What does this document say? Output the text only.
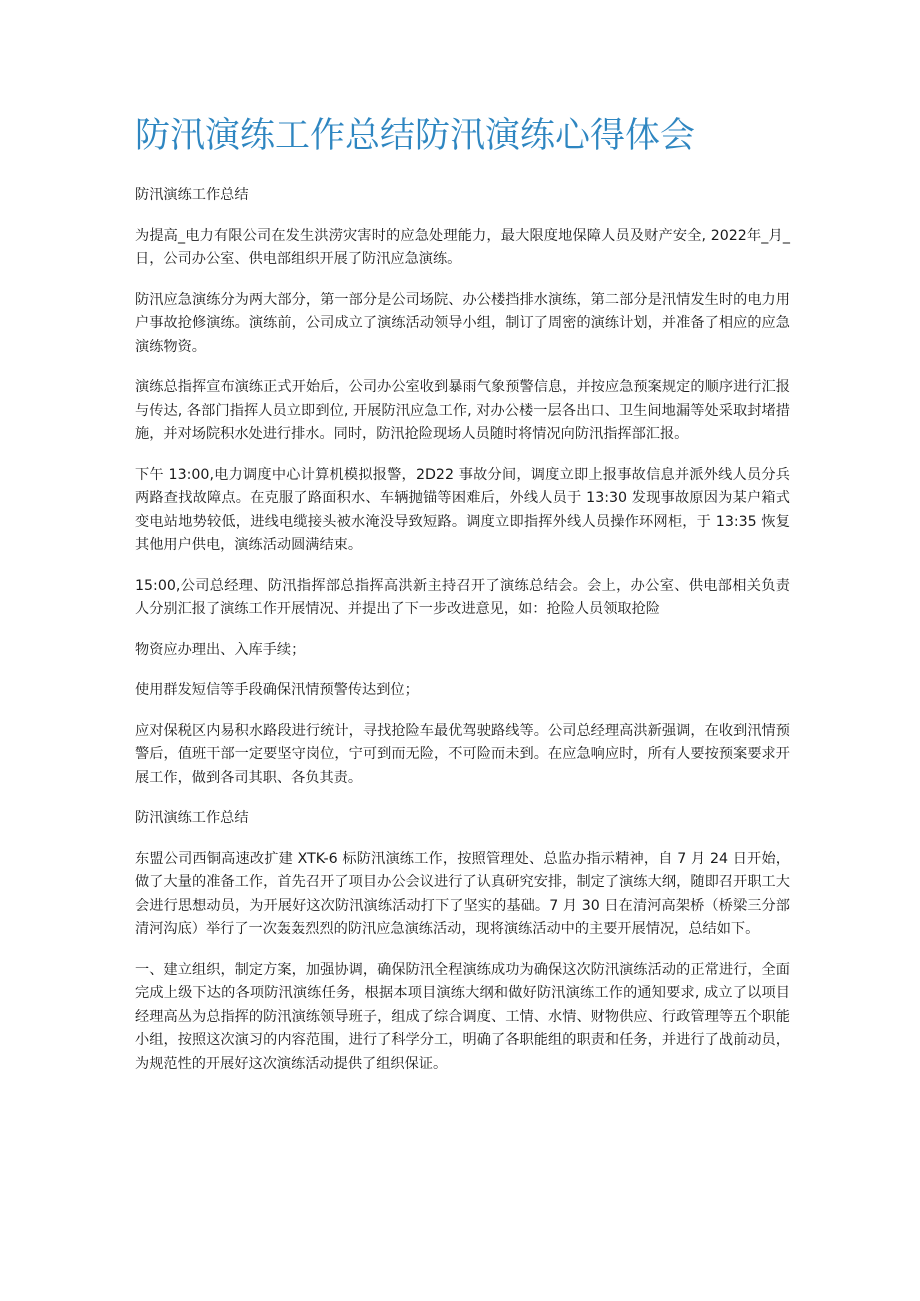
防汛演练工作总结防汛演练心得体会

防汛演练工作总结

为提高_电力有限公司在发生洪涝灾害时的应急处理能力，最大限度地保障人员及财产安全, 2022年_月_日，公司办公室、供电部组织开展了防汛应急演练。

防汛应急演练分为两大部分，第一部分是公司场院、办公楼挡排水演练，第二部分是汛情发生时的电力用户事故抢修演练。演练前，公司成立了演练活动领导小组，制订了周密的演练计划，并准备了相应的应急演练物资。

演练总指挥宣布演练正式开始后，公司办公室收到暴雨气象预警信息，并按应急预案规定的顺序进行汇报与传达, 各部门指挥人员立即到位, 开展防汛应急工作, 对办公楼一层各出口、卫生间地漏等处采取封堵措施，并对场院积水处进行排水。同时，防汛抢险现场人员随时将情况向防汛指挥部汇报。

下午 13:00,电力调度中心计算机模拟报警，2D22 事故分间，调度立即上报事故信息并派外线人员分兵两路查找故障点。在克服了路面积水、车辆抛锚等困难后，外线人员于 13:30 发现事故原因为某户箱式变电站地势较低，进线电缆接头被水淹没导致短路。调度立即指挥外线人员操作环网柜，于 13:35 恢复其他用户供电，演练活动圆满结束。

15:00,公司总经理、防汛指挥部总指挥高洪新主持召开了演练总结会。会上，办公室、供电部相关负责人分别汇报了演练工作开展情况、并提出了下一步改进意见，如：抢险人员领取抢险

物资应办理出、入库手续；

使用群发短信等手段确保汛情预警传达到位；

应对保税区内易积水路段进行统计，寻找抢险车最优驾驶路线等。公司总经理高洪新强调，在收到汛情预警后，值班干部一定要坚守岗位，宁可到而无险，不可险而未到。在应急响应时，所有人要按预案要求开展工作，做到各司其职、各负其责。

防汛演练工作总结

东盟公司西铜高速改扩建 XTK-6 标防汛演练工作，按照管理处、总监办指示精神，自 7 月 24 日开始，做了大量的准备工作，首先召开了项目办公会议进行了认真研究安排，制定了演练大纲，随即召开职工大会进行思想动员，为开展好这次防汛演练活动打下了坚实的基础。7 月 30 日在清河高架桥（桥梁三分部清河沟底）举行了一次轰轰烈烈的防汛应急演练活动，现将演练活动中的主要开展情况，总结如下。

一、建立组织，制定方案，加强协调，确保防汛全程演练成功为确保这次防汛演练活动的正常进行，全面完成上级下达的各项防汛演练任务，根据本项目演练大纲和做好防汛演练工作的通知要求, 成立了以项目经理高丛为总指挥的防汛演练领导班子，组成了综合调度、工情、水情、财物供应、行政管理等五个职能小组，按照这次演习的内容范围，进行了科学分工，明确了各职能组的职责和任务，并进行了战前动员，为规范性的开展好这次演练活动提供了组织保证。
